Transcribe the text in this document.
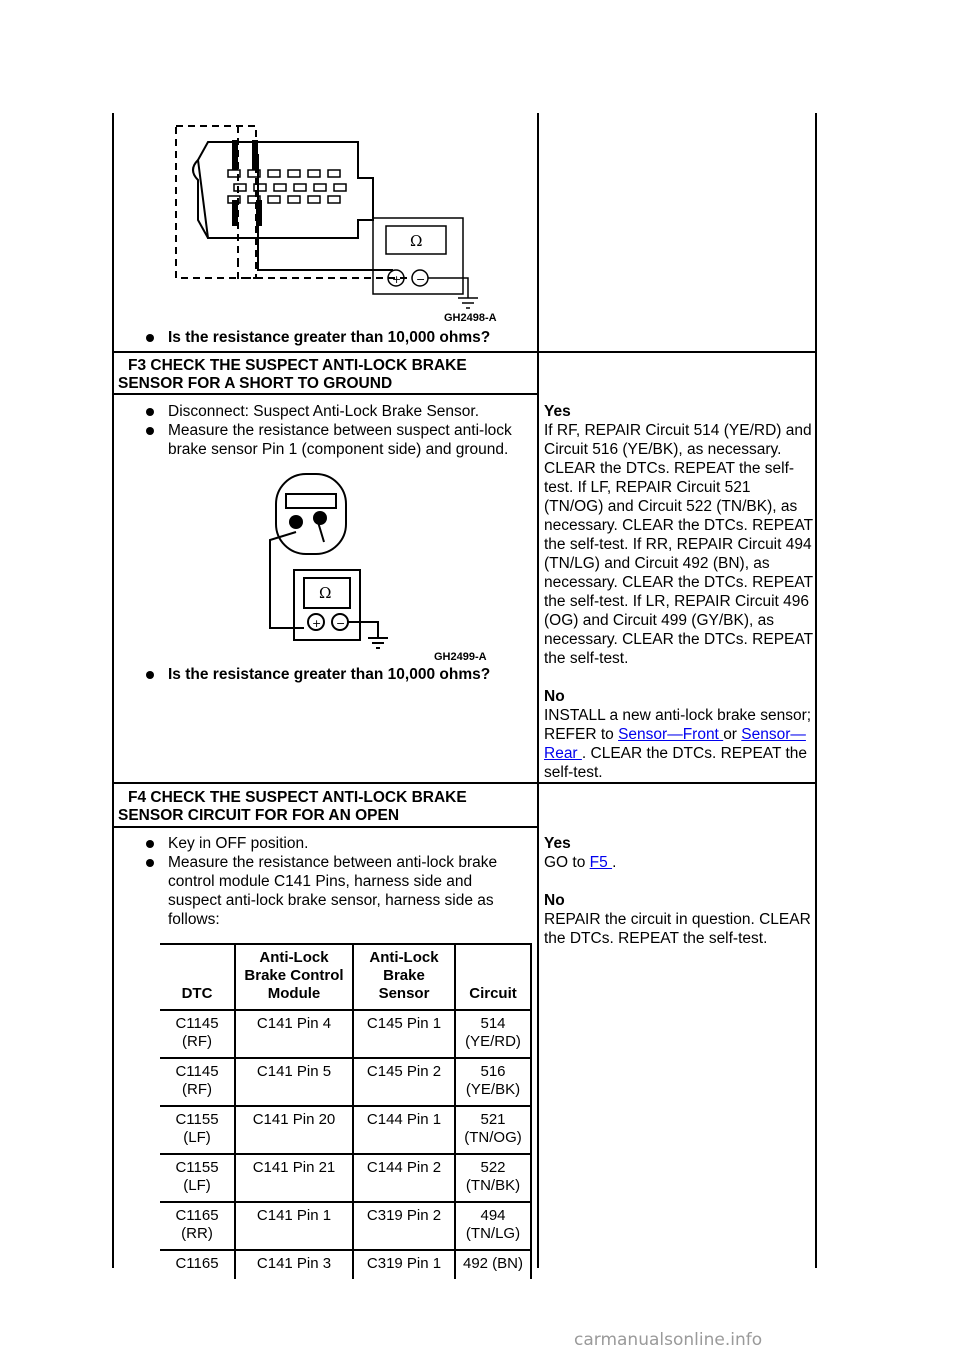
Ω
+ −
GH2498-A
Is the resistance greater than 10,000 ohms?
F3 CHECK THE SUSPECT ANTI-LOCK BRAKE
SENSOR FOR A SHORT TO GROUND
Disconnect: Suspect Anti-Lock Brake Sensor.
Measure the resistance between suspect anti-lock brake sensor Pin 1 (component side) and ground.
Ω
+ −
GH2499-A
Is the resistance greater than 10,000 ohms?

Yes

If RF, REPAIR Circuit 514 (YE/RD) and Circuit 516 (YE/BK), as necessary. CLEAR the DTCs. REPEAT the self-test. If LF, REPAIR Circuit 521 (TN/OG) and Circuit 522 (TN/BK), as necessary. CLEAR the DTCs. REPEAT the self-test. If RR, REPAIR Circuit 494 (TN/LG) and Circuit 492 (BN), as necessary. CLEAR the DTCs. REPEAT the self-test. If LR, REPAIR Circuit 496 (OG) and Circuit 499 (GY/BK), as necessary. CLEAR the DTCs. REPEAT the self-test.

No

INSTALL a new anti-lock brake sensor; REFER to Sensor—Front or Sensor—Rear . CLEAR the DTCs. REPEAT the self-test.

F4 CHECK THE SUSPECT ANTI-LOCK BRAKE
SENSOR CIRCUIT FOR FOR AN OPEN
Key in OFF position.
Measure the resistance between anti-lock brake control module C141 Pins, harness side and suspect anti-lock brake sensor, harness side as follows:
DTC	Anti-Lock Brake Control Module	Anti-Lock Brake Sensor	Circuit
C1145 (RF)	C141 Pin 4	C145 Pin 1	514 (YE/RD)
C1145 (RF)	C141 Pin 5	C145 Pin 2	516 (YE/BK)
C1155 (LF)	C141 Pin 20	C144 Pin 1	521 (TN/OG)
C1155 (LF)	C141 Pin 21	C144 Pin 2	522 (TN/BK)
C1165 (RR)	C141 Pin 1	C319 Pin 2	494 (TN/LG)
C1165	C141 Pin 3	C319 Pin 1	492 (BN)

Yes

GO to F5 .

No

REPAIR the circuit in question. CLEAR the DTCs. REPEAT the self-test.

carmanualsonline.info
